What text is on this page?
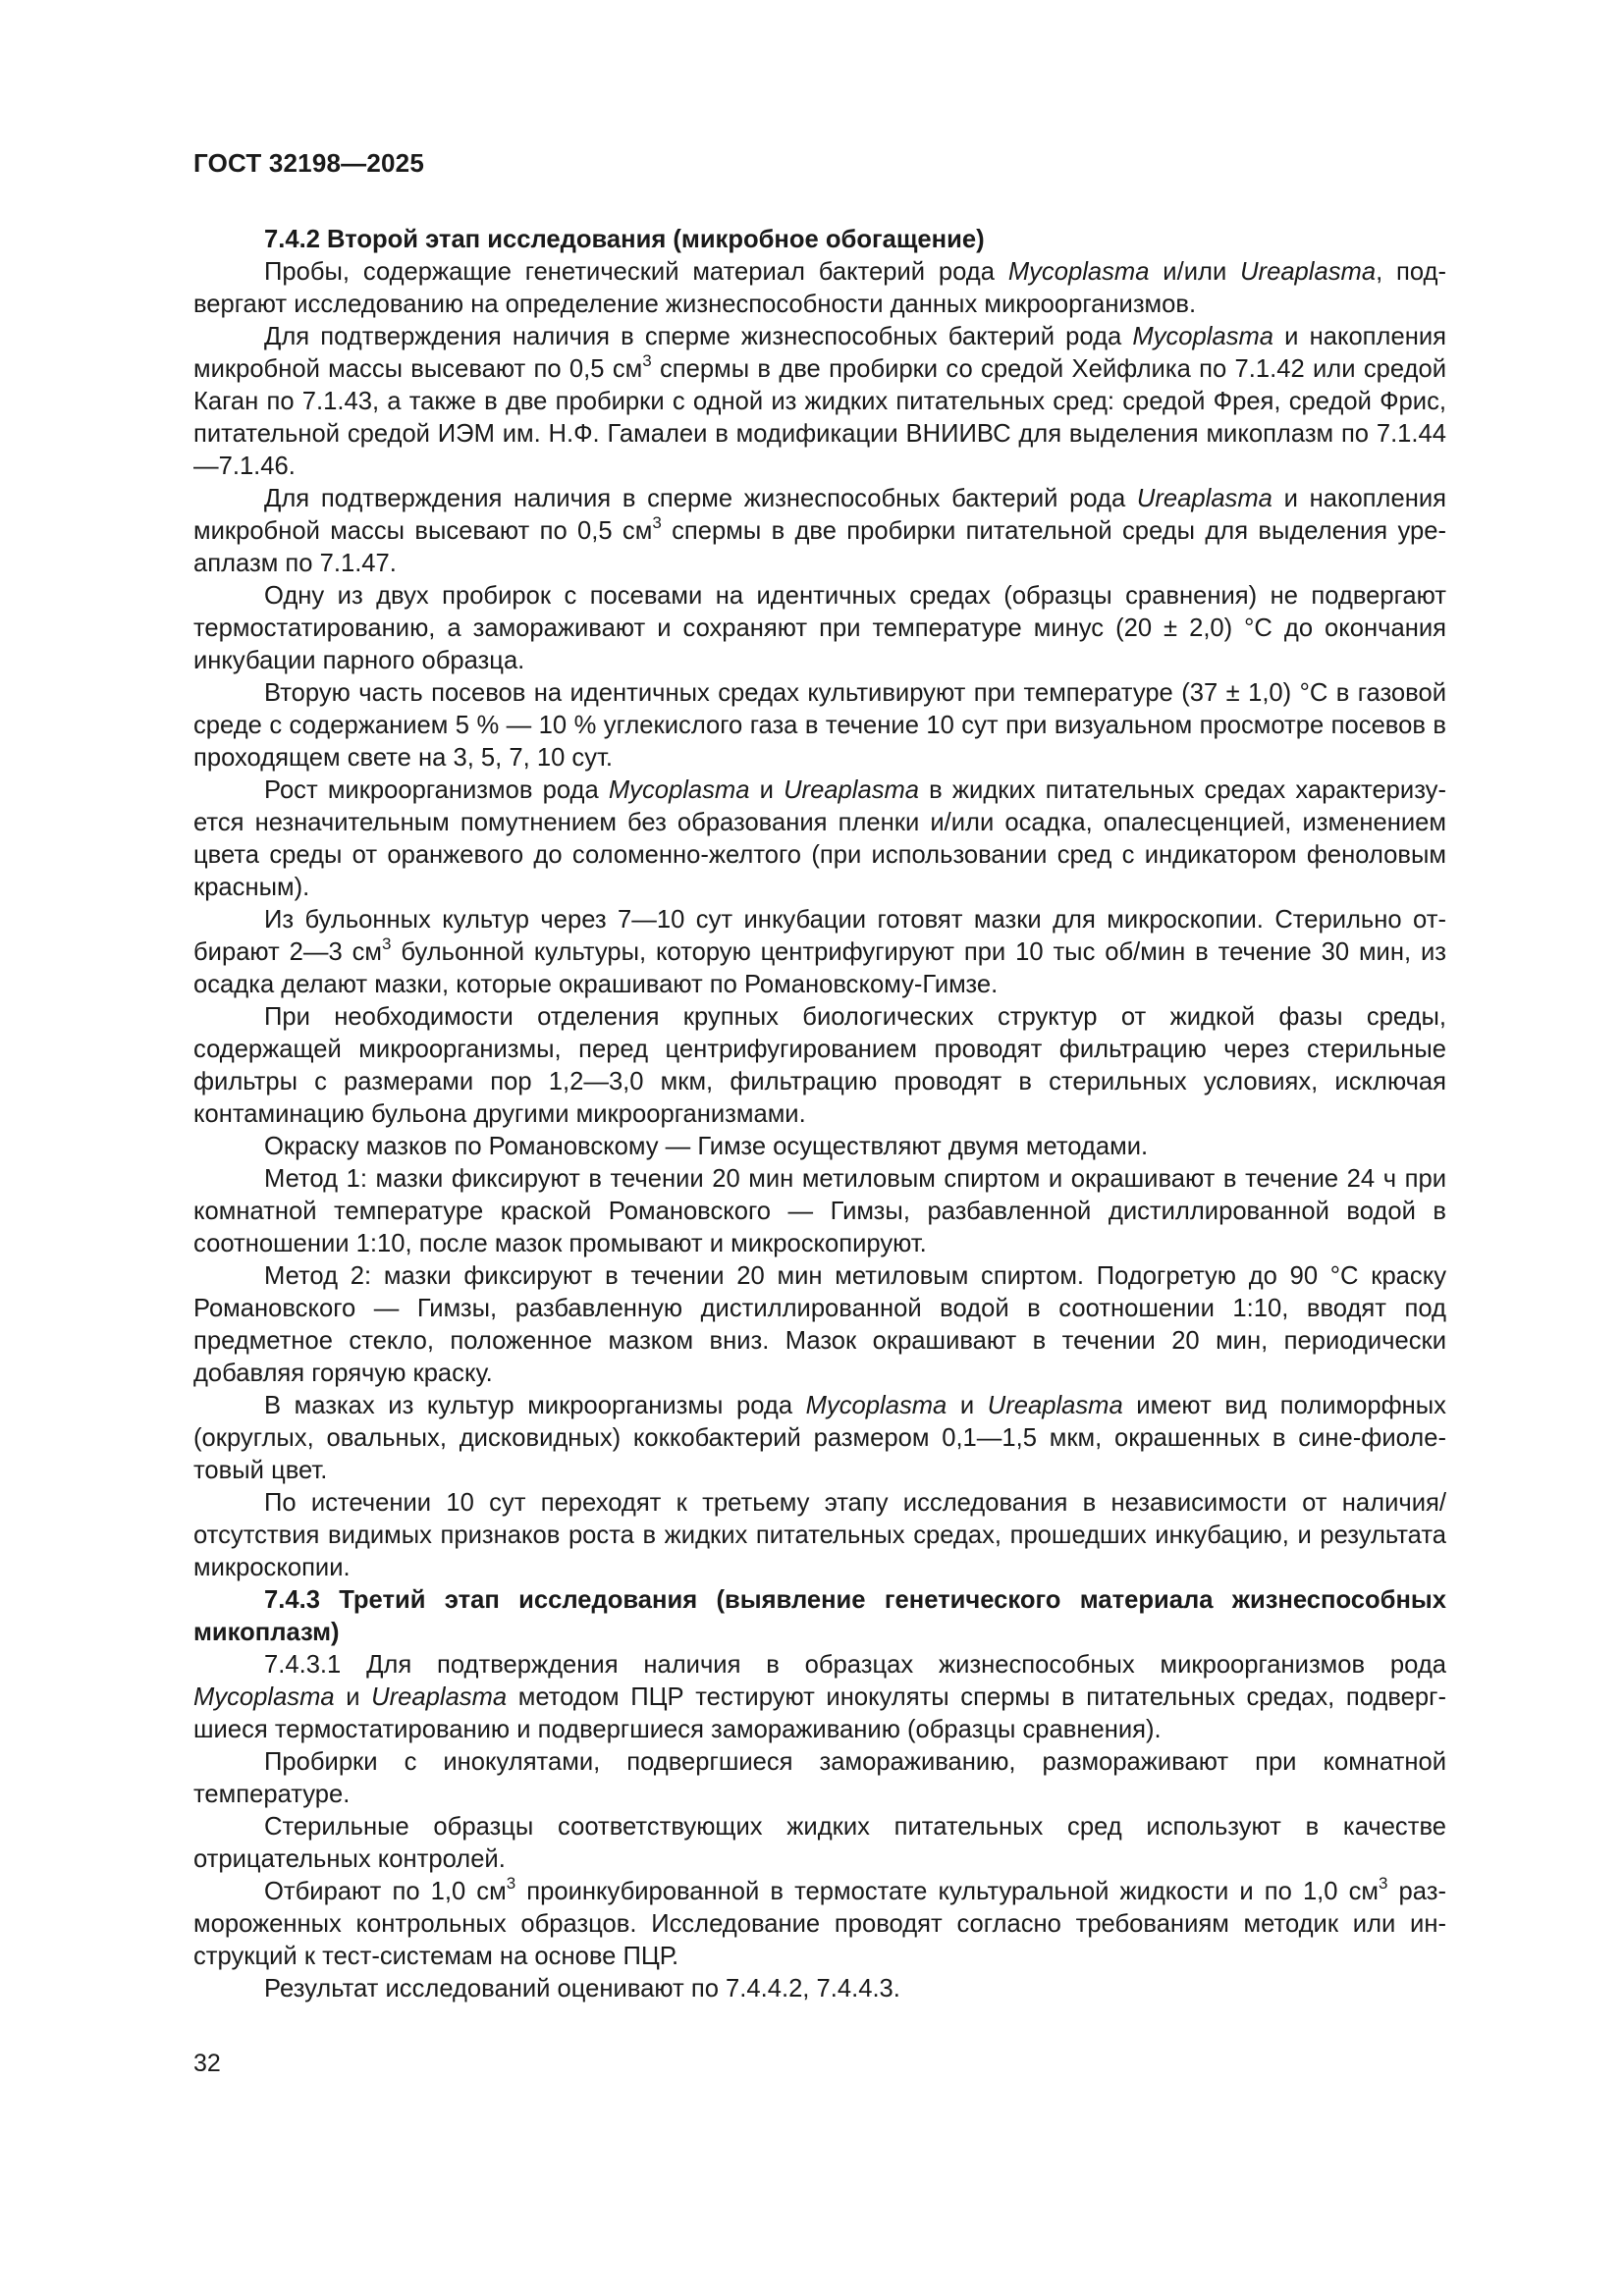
ГОСТ 32198—2025

7.4.2 Второй этап исследования (микробное обогащение)

Пробы, содержащие генетический материал бактерий рода Mycoplasma и/или Ureaplasma, подвергают исследованию на определение жизнеспособности данных микроорганизмов.

Для подтверждения наличия в сперме жизнеспособных бактерий рода Mycoplasma и накопления микробной массы высевают по 0,5 $см^3$ спермы в две пробирки со средой Хейфлика по 7.1.42 или средой Каган по 7.1.43, а также в две пробирки с одной из жидких питательных сред: средой Фрея, средой Фрис, питательной средой ИЭМ им. Н.Ф. Гамалеи в модификации ВНИИВС для выделения микоплазм по 7.1.44—7.1.46.

Для подтверждения наличия в сперме жизнеспособных бактерий рода Ureaplasma и накопления микробной массы высевают по 0,5 $см^3$ спермы в две пробирки питательной среды для выделения уреаплазм по 7.1.47.

Одну из двух пробирок с посевами на идентичных средах (образцы сравнения) не подвергают термостатированию, а замораживают и сохраняют при температуре минус (20 ± 2,0) °С до окончания инкубации парного образца.

Вторую часть посевов на идентичных средах культивируют при температуре (37 ± 1,0) °С в газовой среде с содержанием 5 % — 10 % углекислого газа в течение 10 сут при визуальном просмотре посевов в проходящем свете на 3, 5, 7, 10 сут.

Рост микроорганизмов рода Mycoplasma и Ureaplasma в жидких питательных средах характеризуется незначительным помутнением без образования пленки и/или осадка, опалесценцией, изменением цвета среды от оранжевого до соломенно-желтого (при использовании сред с индикатором феноловым красным).

Из бульонных культур через 7—10 сут инкубации готовят мазки для микроскопии. Стерильно отбирают 2—3 $см^3$ бульонной культуры, которую центрифугируют при 10 тыс об/мин в течение 30 мин, из осадка делают мазки, которые окрашивают по Романовскому-Гимзе.

При необходимости отделения крупных биологических структур от жидкой фазы среды, содержащей микроорганизмы, перед центрифугированием проводят фильтрацию через стерильные фильтры с размерами пор 1,2—3,0 мкм, фильтрацию проводят в стерильных условиях, исключая контаминацию бульона другими микроорганизмами.

Окраску мазков по Романовскому — Гимзе осуществляют двумя методами.

Метод 1: мазки фиксируют в течении 20 мин метиловым спиртом и окрашивают в течение 24 ч при комнатной температуре краской Романовского — Гимзы, разбавленной дистиллированной водой в соотношении 1:10, после мазок промывают и микроскопируют.

Метод 2: мазки фиксируют в течении 20 мин метиловым спиртом. Подогретую до 90 °С краску Романовского — Гимзы, разбавленную дистиллированной водой в соотношении 1:10, вводят под предметное стекло, положенное мазком вниз. Мазок окрашивают в течении 20 мин, периодически добавляя горячую краску.

В мазках из культур микроорганизмы рода Mycoplasma и Ureaplasma имеют вид полиморфных (округлых, овальных, дисковидных) коккобактерий размером 0,1—1,5 мкм, окрашенных в сине-фиолетовый цвет.

По истечении 10 сут переходят к третьему этапу исследования в независимости от наличия/отсутствия видимых признаков роста в жидких питательных средах, прошедших инкубацию, и результата микроскопии.

7.4.3 Третий этап исследования (выявление генетического материала жизнеспособных микоплазм)

7.4.3.1 Для подтверждения наличия в образцах жизнеспособных микроорганизмов рода Mycoplasma и Ureaplasma методом ПЦР тестируют инокуляты спермы в питательных средах, подвергшиеся термостатированию и подвергшиеся замораживанию (образцы сравнения).

Пробирки с инокулятами, подвергшиеся замораживанию, размораживают при комнатной температуре.

Стерильные образцы соответствующих жидких питательных сред используют в качестве отрицательных контролей.

Отбирают по 1,0 $см^3$ проинкубированной в термостате культуральной жидкости и по 1,0 $см^3$ размороженных контрольных образцов. Исследование проводят согласно требованиям методик или инструкций к тест-системам на основе ПЦР.

Результат исследований оценивают по 7.4.4.2, 7.4.4.3.

32
